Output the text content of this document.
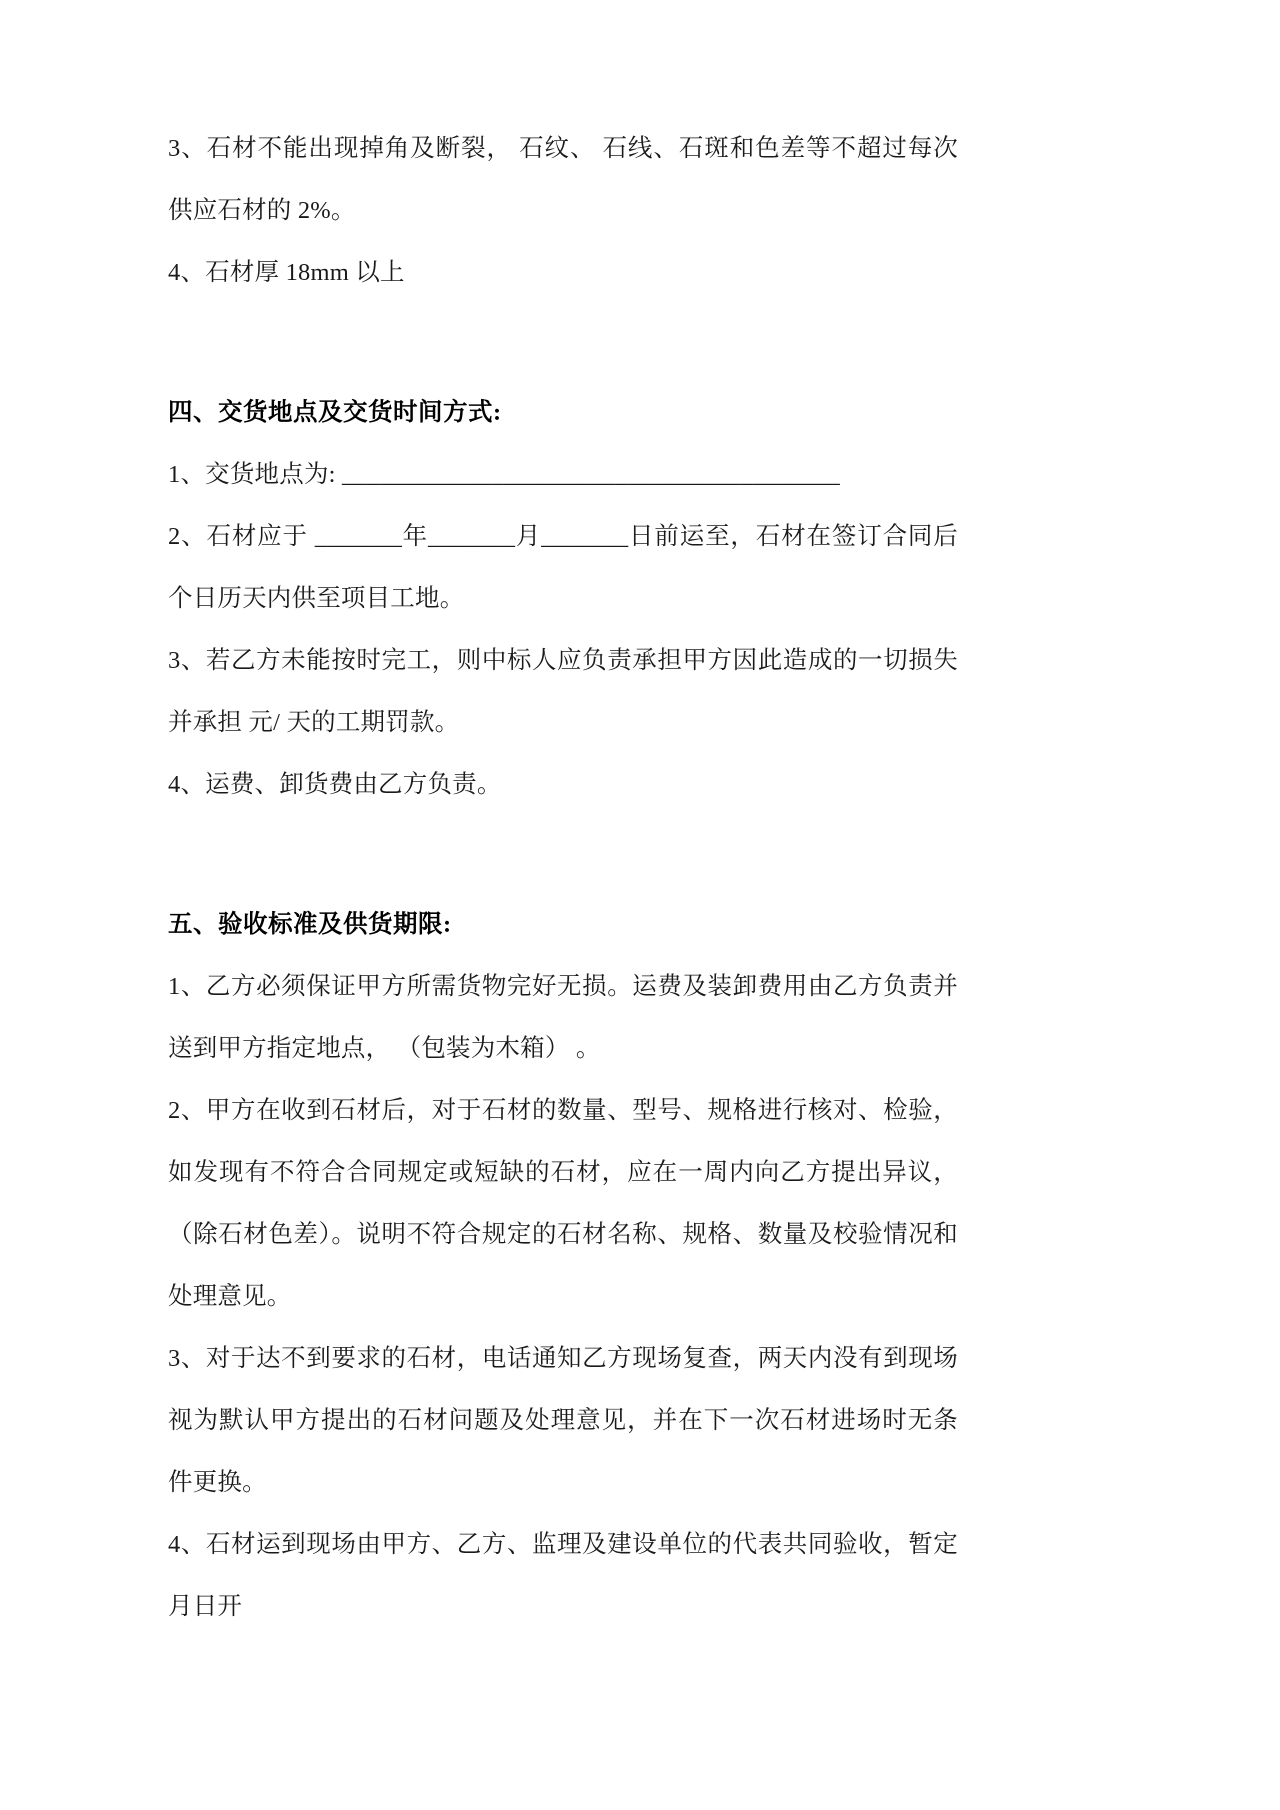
3、石材不能出现掉角及断裂， 石纹、 石线、石斑和色差等不超过每次供应石材的 2%。
4、石材厚 18mm 以上
四、交货地点及交货时间方式:
1、交货地点为: ________________________________________
2、石材应于 _______年_______月_______日前运至，石材在签订合同后 个日历天内供至项目工地。
3、若乙方未能按时完工，则中标人应负责承担甲方因此造成的一切损失并承担 元/ 天的工期罚款。
4、运费、卸货费由乙方负责。
五、验收标准及供货期限:
1、乙方必须保证甲方所需货物完好无损。运费及装卸费用由乙方负责并送到甲方指定地点， （包装为木箱） 。
2、甲方在收到石材后，对于石材的数量、型号、规格进行核对、检验，如发现有不符合合同规定或短缺的石材，应在一周内向乙方提出异议，（除石材色差）。说明不符合规定的石材名称、规格、数量及校验情况和处理意见。
3、对于达不到要求的石材，电话通知乙方现场复查，两天内没有到现场视为默认甲方提出的石材问题及处理意见，并在下一次石材进场时无条件更换。
4、石材运到现场由甲方、乙方、监理及建设单位的代表共同验收，暂定月日开
